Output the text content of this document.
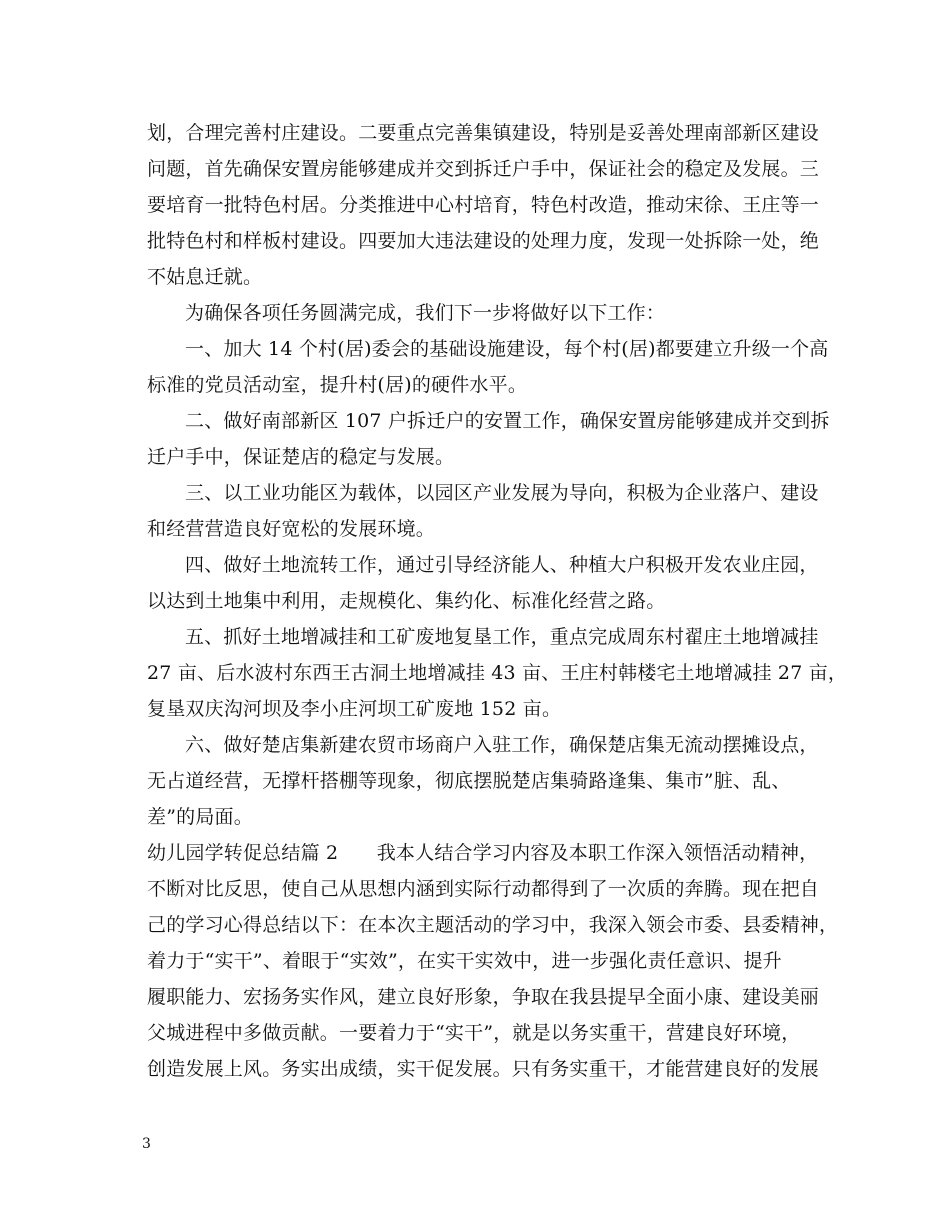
划，合理完善村庄建设。二要重点完善集镇建设，特别是妥善处理南部新区建设
问题，首先确保安置房能够建成并交到拆迁户手中，保证社会的稳定及发展。三
要培育一批特色村居。分类推进中心村培育，特色村改造，推动宋徐、王庄等一
批特色村和样板村建设。四要加大违法建设的处理力度，发现一处拆除一处，绝
不姑息迁就。
为确保各项任务圆满完成，我们下一步将做好以下工作：
一、加大 14 个村(居)委会的基础设施建设，每个村(居)都要建立升级一个高
标准的党员活动室，提升村(居)的硬件水平。
二、做好南部新区 107 户拆迁户的安置工作，确保安置房能够建成并交到拆
迁户手中，保证楚店的稳定与发展。
三、以工业功能区为载体，以园区产业发展为导向，积极为企业落户、建设
和经营营造良好宽松的发展环境。
四、做好土地流转工作，通过引导经济能人、种植大户积极开发农业庄园，
以达到土地集中利用，走规模化、集约化、标准化经营之路。
五、抓好土地增减挂和工矿废地复垦工作，重点完成周东村翟庄土地增减挂
27 亩、后水波村东西王古洞土地增减挂 43 亩、王庄村韩楼宅土地增减挂 27 亩，
复垦双庆沟河坝及李小庄河坝工矿废地 152 亩。
六、做好楚店集新建农贸市场商户入驻工作，确保楚店集无流动摆摊设点，
无占道经营，无撑杆搭棚等现象，彻底摆脱楚店集骑路逢集、集市”脏、乱、
差”的局面。
幼儿园学转促总结篇 2　　我本人结合学习内容及本职工作深入领悟活动精神，
不断对比反思，使自己从思想内涵到实际行动都得到了一次质的奔腾。现在把自
己的学习心得总结以下：在本次主题活动的学习中，我深入领会市委、县委精神，
着力于“实干”、着眼于“实效”，在实干实效中，进一步强化责任意识、提升
履职能力、宏扬务实作风，建立良好形象，争取在我县提早全面小康、建设美丽
父城进程中多做贡献。一要着力于“实干”，就是以务实重干，营建良好环境，
创造发展上风。务实出成绩，实干促发展。只有务实重干，才能营建良好的发展
3
